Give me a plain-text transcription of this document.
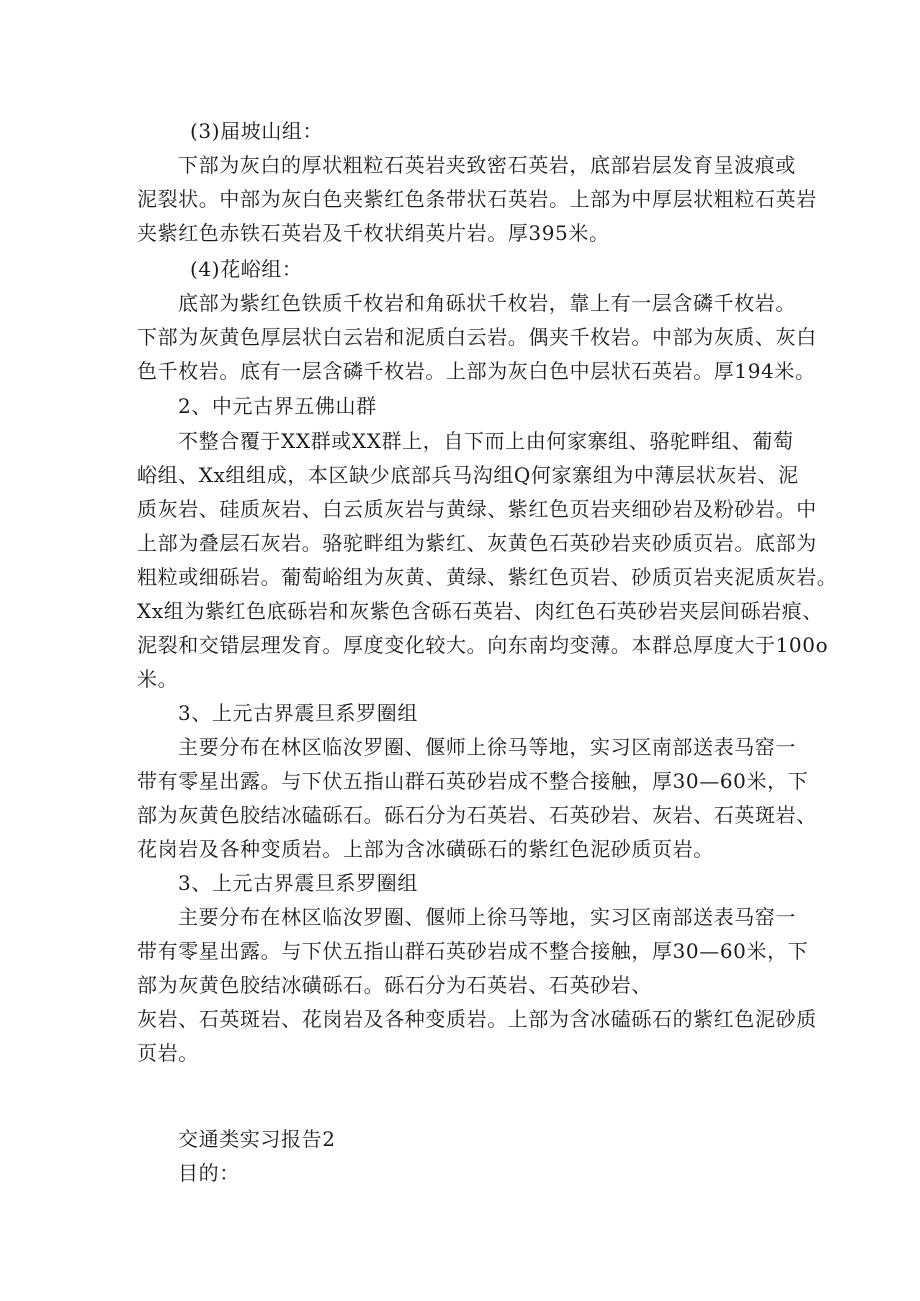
(3)届坡山组：
下部为灰白的厚状粗粒石英岩夹致密石英岩，底部岩层发育呈波痕或
泥裂状。中部为灰白色夹紫红色条带状石英岩。上部为中厚层状粗粒石英岩
夹紫红色赤铁石英岩及千枚状绢英片岩。厚395米。
(4)花峪组：
底部为紫红色铁质千枚岩和角砾状千枚岩，靠上有一层含磷千枚岩。
下部为灰黄色厚层状白云岩和泥质白云岩。偶夹千枚岩。中部为灰质、灰白
色千枚岩。底有一层含磷千枚岩。上部为灰白色中层状石英岩。厚194米。
2、中元古界五佛山群
不整合覆于XX群或XX群上，自下而上由何家寨组、骆驼畔组、葡萄
峪组、Xx组组成，本区缺少底部兵马沟组Q何家寨组为中薄层状灰岩、泥
质灰岩、硅质灰岩、白云质灰岩与黄绿、紫红色页岩夹细砂岩及粉砂岩。中
上部为叠层石灰岩。骆驼畔组为紫红、灰黄色石英砂岩夹砂质页岩。底部为
粗粒或细砾岩。葡萄峪组为灰黄、黄绿、紫红色页岩、砂质页岩夹泥质灰岩。
Xx组为紫红色底砾岩和灰紫色含砾石英岩、肉红色石英砂岩夹层间砾岩痕、
泥裂和交错层理发育。厚度变化较大。向东南均变薄。本群总厚度大于100o
米。
3、上元古界震旦系罗圈组
主要分布在林区临汝罗圈、偃师上徐马等地，实习区南部送表马窑一
带有零星出露。与下伏五指山群石英砂岩成不整合接触，厚30—60米，下
部为灰黄色胶结冰磕砾石。砾石分为石英岩、石英砂岩、灰岩、石英斑岩、
花岗岩及各种变质岩。上部为含冰磺砾石的紫红色泥砂质页岩。
3、上元古界震旦系罗圈组
主要分布在林区临汝罗圈、偃师上徐马等地，实习区南部送表马窑一
带有零星出露。与下伏五指山群石英砂岩成不整合接触，厚30—60米，下
部为灰黄色胶结冰磺砾石。砾石分为石英岩、石英砂岩、
灰岩、石英斑岩、花岗岩及各种变质岩。上部为含冰磕砾石的紫红色泥砂质
页岩。
交通类实习报告2
目的：
